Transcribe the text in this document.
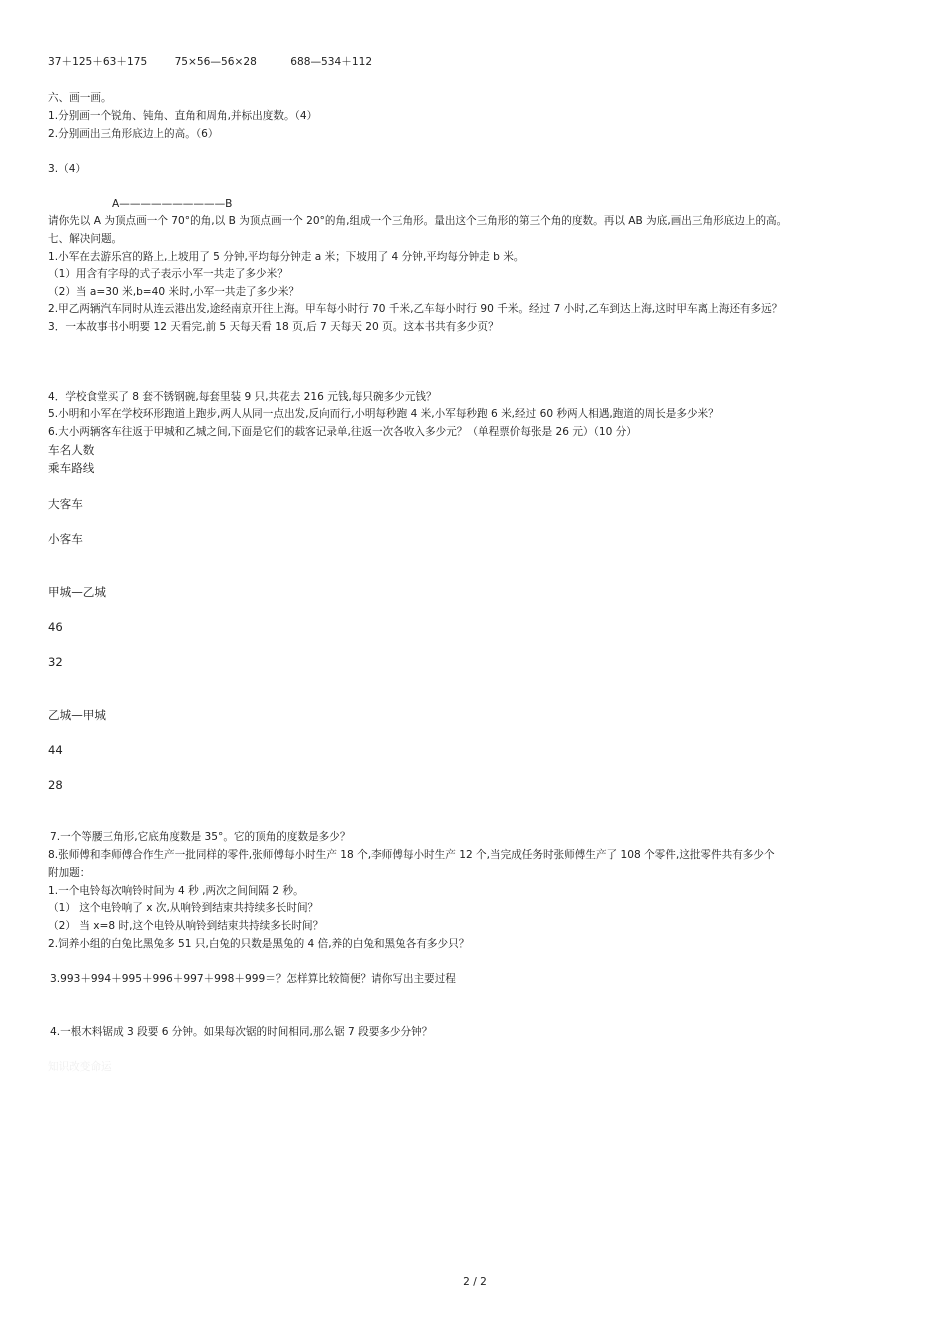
37＋125＋63＋175	75×56—56×28	688—534＋112

六、画一画。

1.分别画一个锐角、钝角、直角和周角,并标出度数。（4）

2.分别画出三角形底边上的高。（6）

3.（4）

A——————————B

请你先以 A 为顶点画一个 70°的角,以 B 为顶点画一个 20°的角,组成一个三角形。量出这个三角形的第三个角的度数。再以 AB 为底,画出三角形底边上的高。

七、解决问题。

1.小军在去游乐宫的路上,上坡用了 5 分钟,平均每分钟走 a 米；下坡用了 4 分钟,平均每分钟走 b 米。

（1）用含有字母的式子表示小军一共走了多少米？

（2）当 a=30 米,b=40 米时,小军一共走了多少米？

2.甲乙两辆汽车同时从连云港出发,途经南京开往上海。甲车每小时行 70 千米,乙车每小时行 90 千米。经过 7 小时,乙车到达上海,这时甲车离上海还有多远？

3．一本故事书小明要 12 天看完,前 5 天每天看 18 页,后 7 天每天 20 页。这本书共有多少页？

4．学校食堂买了 8 套不锈钢碗,每套里装 9 只,共花去 216 元钱,每只碗多少元钱？

5.小明和小军在学校环形跑道上跑步,两人从同一点出发,反向而行,小明每秒跑 4 米,小军每秒跑 6 米,经过 60 秒两人相遇,跑道的周长是多少米？

6.大小两辆客车往返于甲城和乙城之间,下面是它们的载客记录单,往返一次各收入多少元？（单程票价每张是 26 元）（10 分）

车名人数

乘车路线

大客车

小客车

甲城—乙城

46

32

乙城—甲城

44

28

7.一个等腰三角形,它底角度数是 35°。它的顶角的度数是多少？

8.张师傅和李师傅合作生产一批同样的零件,张师傅每小时生产 18 个,李师傅每小时生产 12 个,当完成任务时张师傅生产了 108 个零件,这批零件共有多少个

附加题：

1.一个电铃每次响铃时间为 4 秒 ,两次之间间隔 2 秒。

（1） 这个电铃响了 x 次,从响铃到结束共持续多长时间？

（2） 当 x=8 时,这个电铃从响铃到结束共持续多长时间？

2.饲养小组的白兔比黑兔多 51 只,白兔的只数是黑兔的 4 倍,养的白兔和黑兔各有多少只？

3.993＋994＋995＋996＋997＋998＋999＝？怎样算比较简便？请你写出主要过程

4.一根木料锯成 3 段要 6 分钟。如果每次锯的时间相同,那么锯 7 段要多少分钟？

知识改变命运

2 / 2
